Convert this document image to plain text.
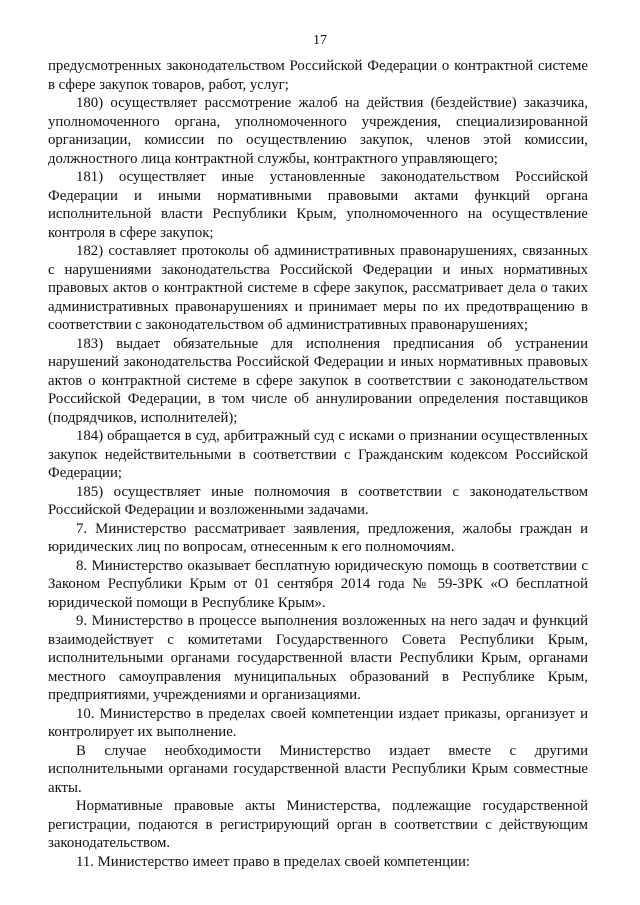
17

предусмотренных законодательством Российской Федерации о контрактной системе в сфере закупок товаров, работ, услуг;

180) осуществляет рассмотрение жалоб на действия (бездействие) заказчика, уполномоченного органа, уполномоченного учреждения, специализированной организации, комиссии по осуществлению закупок, членов этой комиссии, должностного лица контрактной службы, контрактного управляющего;

181) осуществляет иные установленные законодательством Российской Федерации и иными нормативными правовыми актами функций органа исполнительной власти Республики Крым, уполномоченного на осуществление контроля в сфере закупок;

182) составляет протоколы об административных правонарушениях, связанных с нарушениями законодательства Российской Федерации и иных нормативных правовых актов о контрактной системе в сфере закупок, рассматривает дела о таких административных правонарушениях и принимает меры по их предотвращению в соответствии с законодательством об административных правонарушениях;

183) выдает обязательные для исполнения предписания об устранении нарушений законодательства Российской Федерации и иных нормативных правовых актов о контрактной системе в сфере закупок в соответствии с законодательством Российской Федерации, в том числе об аннулировании определения поставщиков (подрядчиков, исполнителей);

184) обращается в суд, арбитражный суд с исками о признании осуществленных закупок недействительными в соответствии с Гражданским кодексом Российской Федерации;

185) осуществляет иные полномочия в соответствии с законодательством Российской Федерации и возложенными задачами.

7. Министерство рассматривает заявления, предложения, жалобы граждан и юридических лиц по вопросам, отнесенным к его полномочиям.

8. Министерство оказывает бесплатную юридическую помощь в соответствии с Законом Республики Крым от 01 сентября 2014 года № 59-ЗРК «О бесплатной юридической помощи в Республике Крым».

9. Министерство в процессе выполнения возложенных на него задач и функций взаимодействует с комитетами Государственного Совета Республики Крым, исполнительными органами государственной власти Республики Крым, органами местного самоуправления муниципальных образований в Республике Крым, предприятиями, учреждениями и организациями.

10. Министерство в пределах своей компетенции издает приказы, организует и контролирует их выполнение.

В случае необходимости Министерство издает вместе с другими исполнительными органами государственной власти Республики Крым совместные акты.

Нормативные правовые акты Министерства, подлежащие государственной регистрации, подаются в регистрирующий орган в соответствии с действующим законодательством.

11. Министерство имеет право в пределах своей компетенции:
